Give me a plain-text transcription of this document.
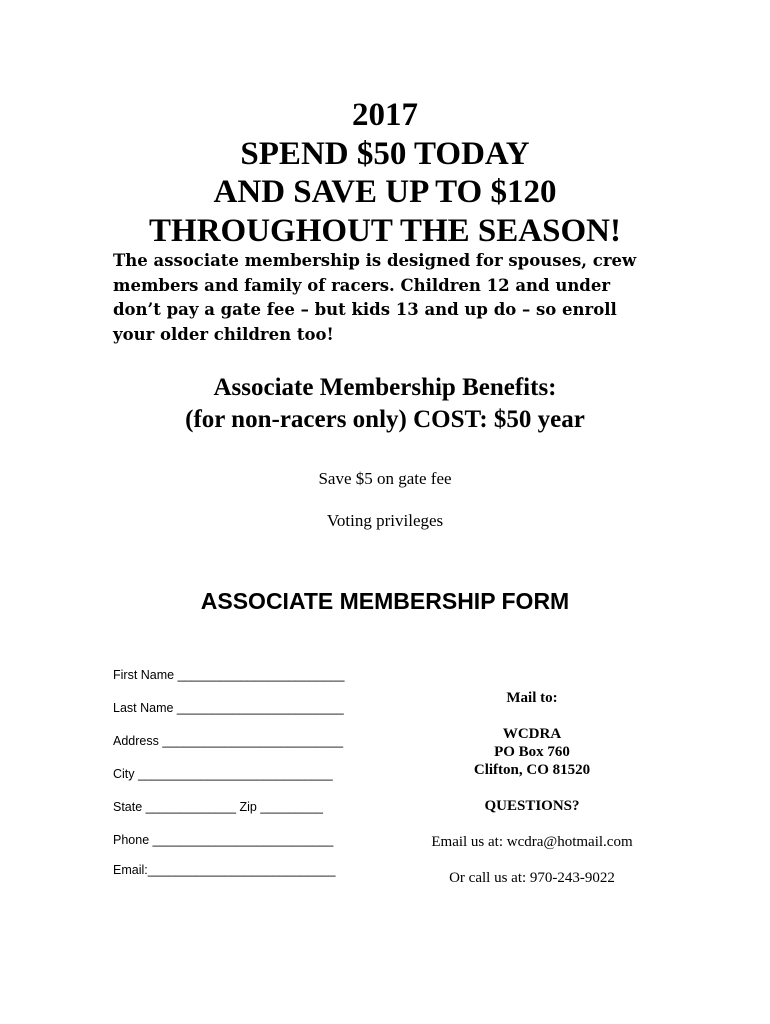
2017
SPEND $50 TODAY
AND SAVE UP TO $120
THROUGHOUT THE SEASON!
The associate membership is designed for spouses, crew members and family of racers. Children 12 and under don’t pay a gate fee – but kids 13 and up do – so enroll your older children too!
Associate Membership Benefits:
(for non-racers only) COST: $50 year
Save $5 on gate fee
Voting privileges
ASSOCIATE MEMBERSHIP FORM
First Name ________________________
Last Name ________________________
Address __________________________
City ____________________________
State _____________ Zip _________
Phone __________________________
Email:___________________________
Mail to:
WCDRA
PO Box 760
Clifton, CO 81520
QUESTIONS?
Email us at: wcdra@hotmail.com
Or call us at: 970-243-9022
